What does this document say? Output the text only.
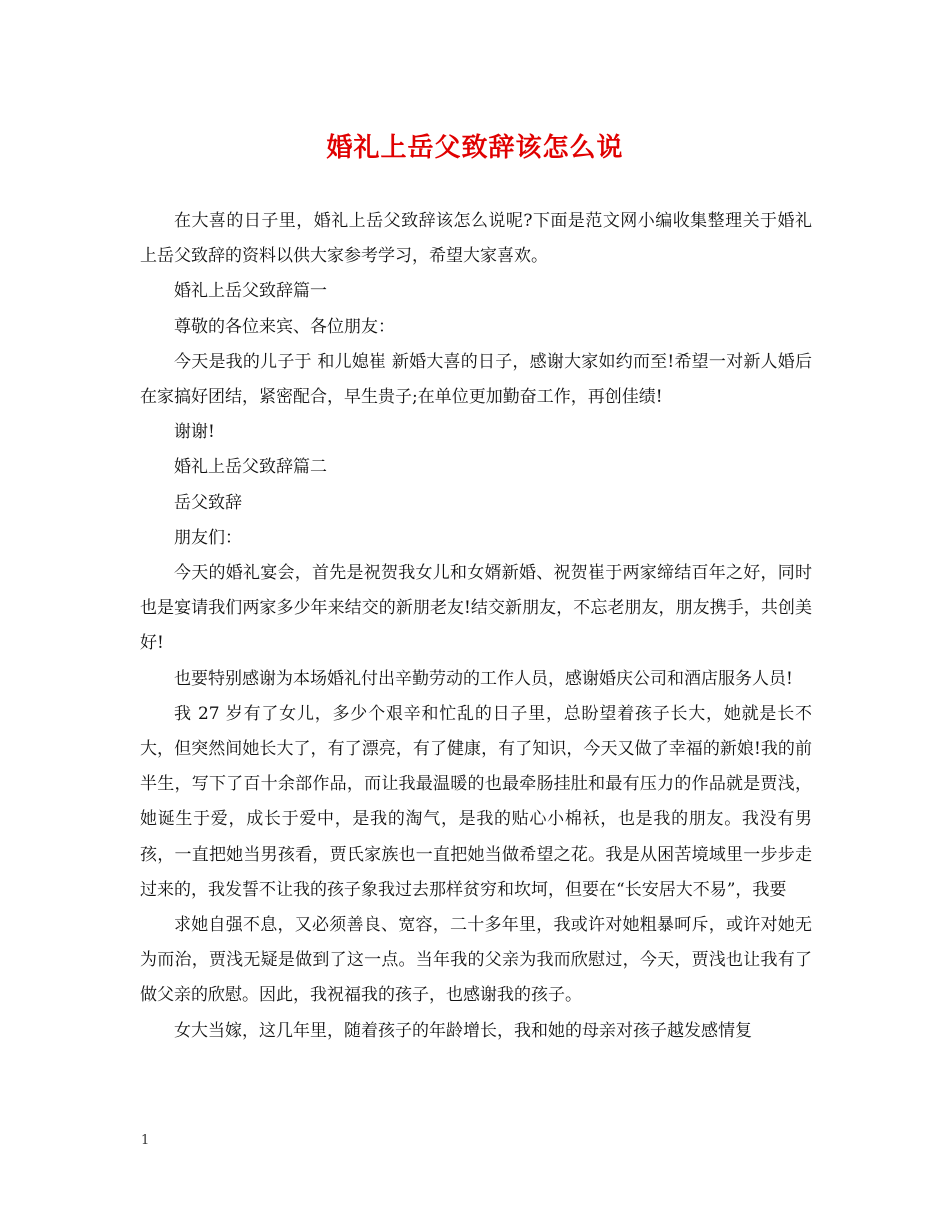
婚礼上岳父致辞该怎么说

在大喜的日子里，婚礼上岳父致辞该怎么说呢?下面是范文网小编收集整理关于婚礼上岳父致辞的资料以供大家参考学习，希望大家喜欢。

婚礼上岳父致辞篇一

尊敬的各位来宾、各位朋友：

今天是我的儿子于 和儿媳崔 新婚大喜的日子，感谢大家如约而至!希望一对新人婚后在家搞好团结，紧密配合，早生贵子;在单位更加勤奋工作，再创佳绩!

谢谢!

婚礼上岳父致辞篇二

岳父致辞

朋友们：

今天的婚礼宴会，首先是祝贺我女儿和女婿新婚、祝贺崔于两家缔结百年之好，同时也是宴请我们两家多少年来结交的新朋老友!结交新朋友，不忘老朋友，朋友携手，共创美好!

也要特别感谢为本场婚礼付出辛勤劳动的工作人员，感谢婚庆公司和酒店服务人员!

我 27 岁有了女儿，多少个艰辛和忙乱的日子里，总盼望着孩子长大，她就是长不大，但突然间她长大了，有了漂亮，有了健康，有了知识，今天又做了幸福的新娘!我的前半生，写下了百十余部作品，而让我最温暖的也最牵肠挂肚和最有压力的作品就是贾浅，她诞生于爱，成长于爱中，是我的淘气，是我的贴心小棉袄，也是我的朋友。我没有男孩，一直把她当男孩看，贾氏家族也一直把她当做希望之花。我是从困苦境域里一步步走过来的，我发誓不让我的孩子象我过去那样贫穷和坎坷，但要在“长安居大不易”，我要

求她自强不息，又必须善良、宽容，二十多年里，我或许对她粗暴呵斥，或许对她无为而治，贾浅无疑是做到了这一点。当年我的父亲为我而欣慰过，今天，贾浅也让我有了做父亲的欣慰。因此，我祝福我的孩子，也感谢我的孩子。

女大当嫁，这几年里，随着孩子的年龄增长，我和她的母亲对孩子越发感情复

1
